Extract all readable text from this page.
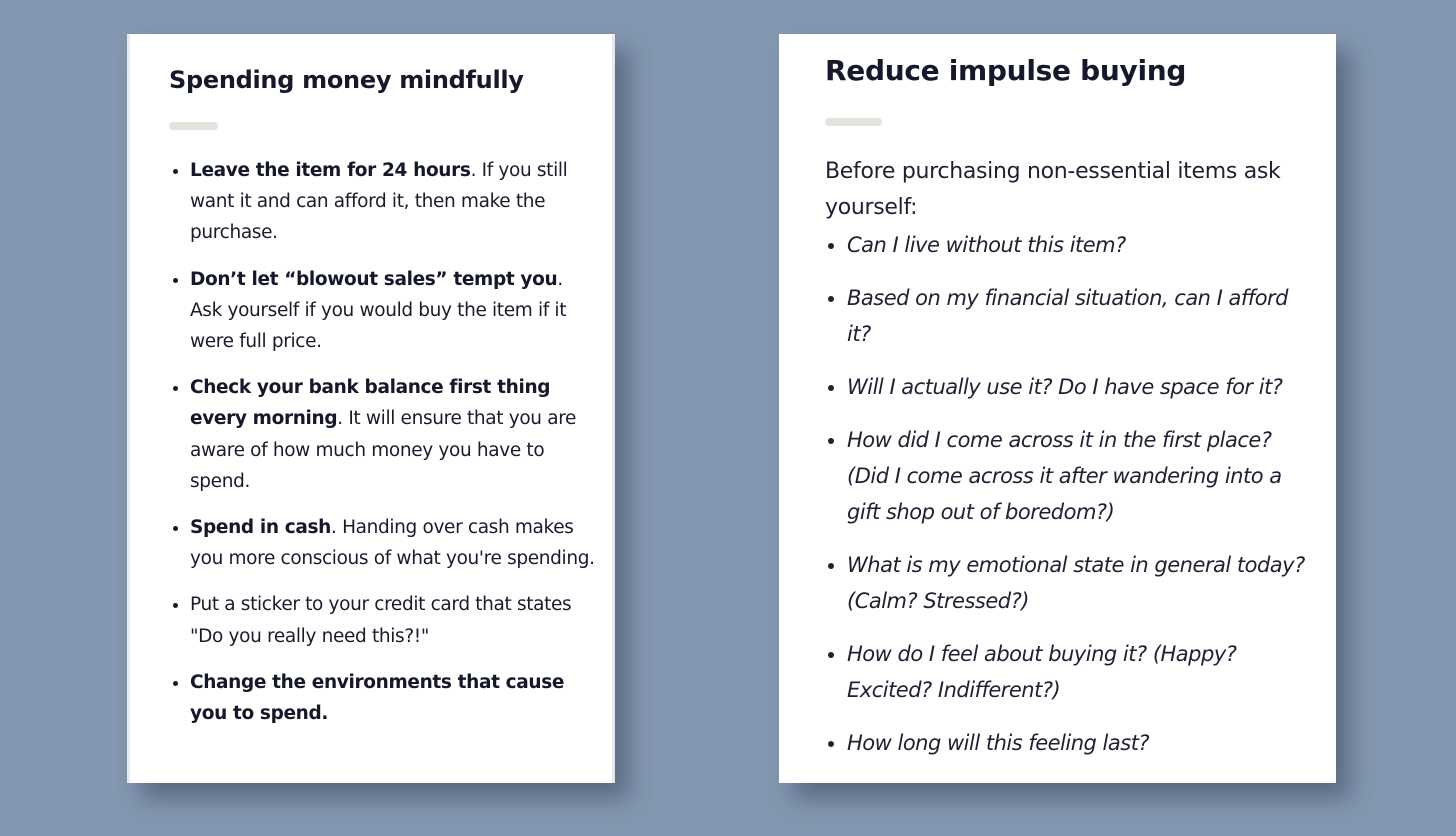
Spending money mindfully
• Leave the item for 24 hours. If you still want it and can afford it, then make the purchase.
• Don’t let “blowout sales” tempt you. Ask yourself if you would buy the item if it were full price.
• Check your bank balance first thing every morning. It will ensure that you are aware of how much money you have to spend.
• Spend in cash. Handing over cash makes you more conscious of what you're spending.
• Put a sticker to your credit card that states "Do you really need this?!"
• Change the environments that cause you to spend.
Reduce impulse buying

Before purchasing non-essential items ask yourself:

• Can I live without this item?
• Based on my financial situation, can I afford it?
• Will I actually use it? Do I have space for it?
• How did I come across it in the first place? (Did I come across it after wandering into a gift shop out of boredom?)
• What is my emotional state in general today? (Calm? Stressed?)
• How do I feel about buying it? (Happy? Excited? Indifferent?)
• How long will this feeling last?
